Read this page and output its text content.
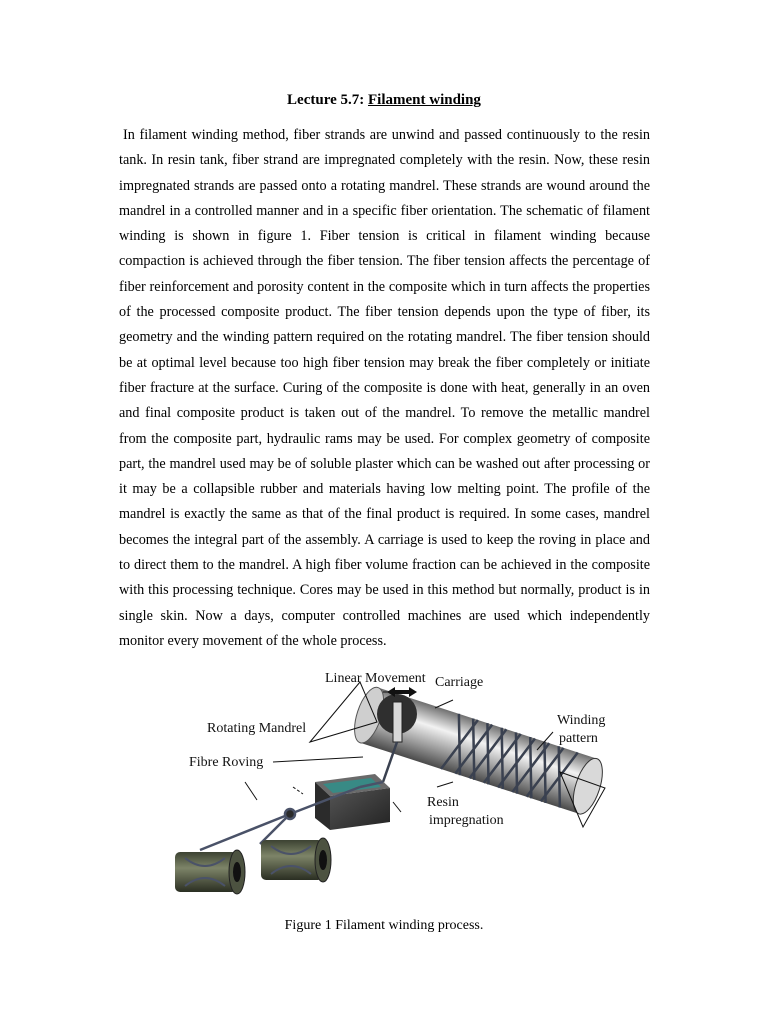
Lecture 5.7: Filament winding

In filament winding method, fiber strands are unwind and passed continuously to the resin tank. In resin tank, fiber strand are impregnated completely with the resin. Now, these resin impregnated strands are passed onto a rotating mandrel. These strands are wound around the mandrel in a controlled manner and in a specific fiber orientation. The schematic of filament winding is shown in figure 1. Fiber tension is critical in filament winding because compaction is achieved through the fiber tension. The fiber tension affects the percentage of fiber reinforcement and porosity content in the composite which in turn affects the properties of the processed composite product. The fiber tension depends upon the type of fiber, its geometry and the winding pattern required on the rotating mandrel. The fiber tension should be at optimal level because too high fiber tension may break the fiber completely or initiate fiber fracture at the surface. Curing of the composite is done with heat, generally in an oven and final composite product is taken out of the mandrel. To remove the metallic mandrel from the composite part, hydraulic rams may be used. For complex geometry of composite part, the mandrel used may be of soluble plaster which can be washed out after processing or it may be a collapsible rubber and materials having low melting point. The profile of the mandrel is exactly the same as that of the final product is required. In some cases, mandrel becomes the integral part of the assembly. A carriage is used to keep the roving in place and to direct them to the mandrel. A high fiber volume fraction can be achieved in the composite with this processing technique. Cores may be used in this method but normally, product is in single skin. Now a days, computer controlled machines are used which independently monitor every movement of the whole process.

Linear Movement Carriage
Rotating Mandrel
Winding
pattern
Fibre Roving
Resin
impregnation
Figure 1 Filament winding process.
